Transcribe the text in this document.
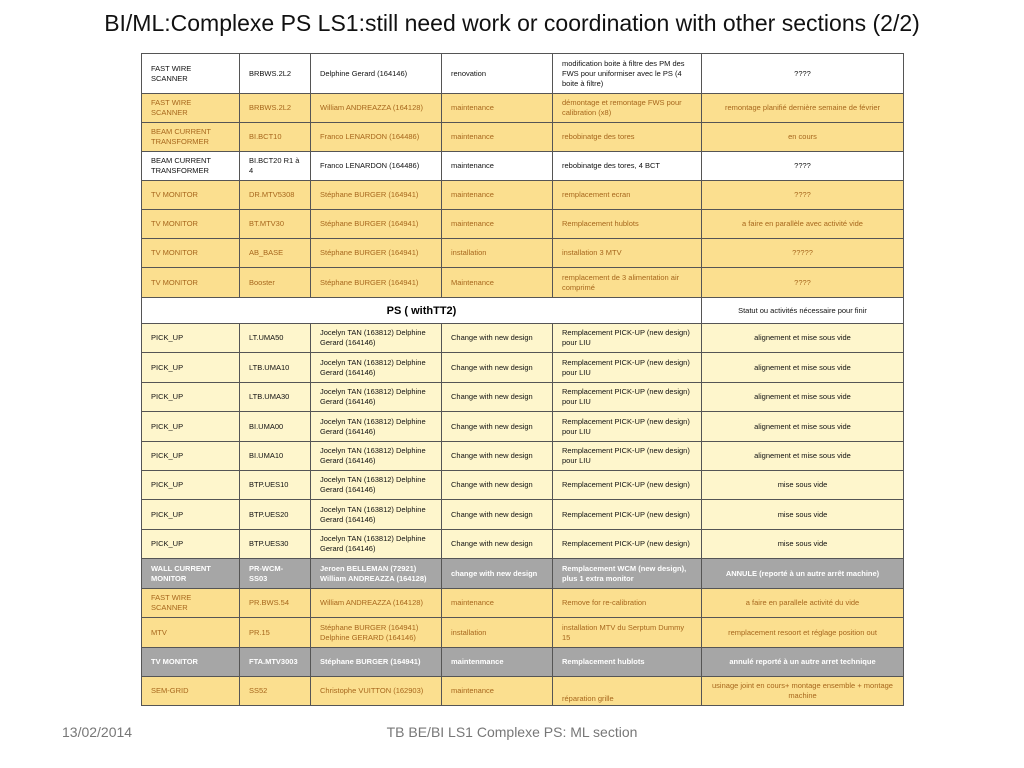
BI/ML:Complexe PS LS1:still need work or coordination with other sections (2/2)
FAST WIRE SCANNER	BRBWS.2L2	Delphine Gerard (164146)	renovation	modification boite à filtre des PM des FWS pour uniformiser avec le PS (4 boite à filtre)	????
FAST WIRE SCANNER	BRBWS.2L2	William ANDREAZZA (164128)	maintenance	démontage et remontage FWS pour calibration (x8)	remontage planifié dernière semaine de février
BEAM CURRENT TRANSFORMER	BI.BCT10	Franco LENARDON (164486)	maintenance	rebobinatge des tores	en cours
BEAM CURRENT TRANSFORMER	BI.BCT20 R1 à 4	Franco LENARDON (164486)	maintenance	rebobinatge des tores, 4 BCT	????
TV MONITOR	DR.MTV5308	Stéphane BURGER (164941)	maintenance	remplacement ecran	????
TV MONITOR	BT.MTV30	Stéphane BURGER (164941)	maintenance	Remplacement hublots	a faire en parallèle avec activité vide
TV MONITOR	AB_BASE	Stéphane BURGER (164941)	installation	installation 3 MTV	?????
TV MONITOR	Booster	Stéphane BURGER (164941)	Maintenance	remplacement de 3 alimentation air comprimé	????
PS ( withTT2)					Statut ou activités nécessaire pour finir
PICK_UP	LT.UMA50	Jocelyn TAN (163812) Delphine Gerard (164146)	Change with new design	Remplacement PICK-UP (new design) pour LIU	alignement et mise sous vide
PICK_UP	LTB.UMA10	Jocelyn TAN (163812) Delphine Gerard (164146)	Change with new design	Remplacement PICK-UP (new design) pour LIU	alignement et mise sous vide
PICK_UP	LTB.UMA30	Jocelyn TAN (163812) Delphine Gerard (164146)	Change with new design	Remplacement PICK-UP (new design) pour LIU	alignement et mise sous vide
PICK_UP	BI.UMA00	Jocelyn TAN (163812) Delphine Gerard (164146)	Change with new design	Remplacement PICK-UP (new design) pour LIU	alignement et mise sous vide
PICK_UP	BI.UMA10	Jocelyn TAN (163812) Delphine Gerard (164146)	Change with new design	Remplacement PICK-UP (new design) pour LIU	alignement et mise sous vide
PICK_UP	BTP.UES10	Jocelyn TAN (163812) Delphine Gerard (164146)	Change with new design	Remplacement PICK-UP (new design)	mise sous vide
PICK_UP	BTP.UES20	Jocelyn TAN (163812) Delphine Gerard (164146)	Change with new design	Remplacement PICK-UP (new design)	mise sous vide
PICK_UP	BTP.UES30	Jocelyn TAN (163812) Delphine Gerard (164146)	Change with new design	Remplacement PICK-UP (new design)	mise sous vide
WALL CURRENT MONITOR	PR-WCM-SS03	Jeroen BELLEMAN (72921) William ANDREAZZA (164128)	change with new design	Remplacement WCM (new design), plus 1 extra monitor	ANNULE (reporté à un autre arrêt machine)
FAST WIRE SCANNER	PR.BWS.54	William ANDREAZZA (164128)	maintenance	Remove for re-calibration	a faire en parallele activité du vide
MTV	PR.15	Stéphane BURGER (164941) Delphine GERARD (164146)	installation	installation MTV du Serptum Dummy 15	remplacement resoort et réglage position out
TV MONITOR	FTA.MTV3003	Stéphane BURGER (164941)	maintenmance	Remplacement hublots	annulé reporté à un autre arret technique
SEM-GRID	SS52	Christophe VUITTON (162903)	maintenance	réparation grille	usinage joint en cours+ montage ensemble + montage machine
13/02/2014	TB BE/BI LS1 Complexe PS: ML section
